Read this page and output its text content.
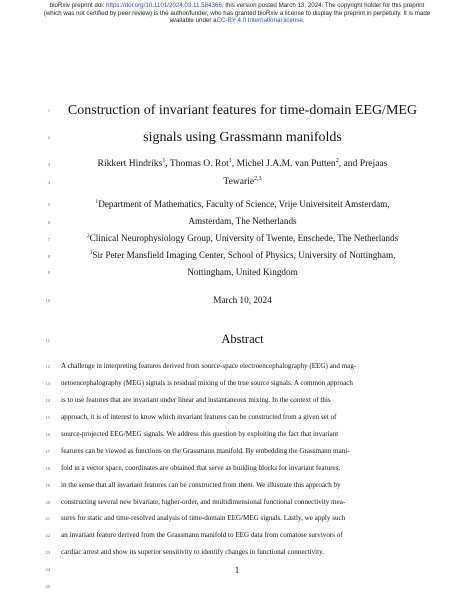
bioRxiv preprint doi: https://doi.org/10.1101/2024.03.11.584366; this version posted March 13, 2024. The copyright holder for this preprint
(which was not certified by peer review) is the author/funder, who has granted bioRxiv a license to display the preprint in perpetuity. It is made
available under aCC-BY 4.0 International license.
1
2
3
4
5
6
7
8
9
10
11
12
13
14
15
16
17
18
19
20
21
22
23
24
25
Construction of invariant features for time-domain EEG/MEG
signals using Grassmann manifolds
Rikkert Hindriks$^1$, Thomas O. Rot$^1$, Michel J.A.M. van Putten$^2$, and Prejaas
Tewarie$^{2,3}$
$^1$Department of Mathematics, Faculty of Science, Vrije Universiteit Amsterdam,
Amsterdam, The Netherlands
$^2$Clinical Neurophysiology Group, University of Twente, Enschede, The Netherlands
$^3$Sir Peter Mansfield Imaging Center, School of Physics, University of Nottingham,
Nottingham, United Kingdom
March 10, 2024
Abstract
A challenge in interpreting features derived from source-space electroencephalography (EEG) and mag-
netoencephalography (MEG) signals is residual mixing of the true source signals. A common approach
is to use features that are invariant under linear and instantaneous mixing. In the context of this
approach, it is of interest to know which invariant features can be constructed from a given set of
source-projected EEG/MEG signals. We address this question by exploiting the fact that invariant
features can be viewed as functions on the Grassmann manifold. By embedding the Grassmann mani-
fold in a vector space, coordinates are obtained that serve as building blocks for invariant features,
in the sense that all invariant features can be constructed from them. We illustrate this approach by
constructing several new bivariate, higher-order, and multidimensional functional connectivity mea-
sures for static and time-resolved analysis of time-domain EEG/MEG signals. Lastly, we apply such
an invariant feature derived from the Grassmann manifold to EEG data from comatose survivors of
cardiac arrest and show its superior sensitivity to identify changes in functional connectivity.
1
